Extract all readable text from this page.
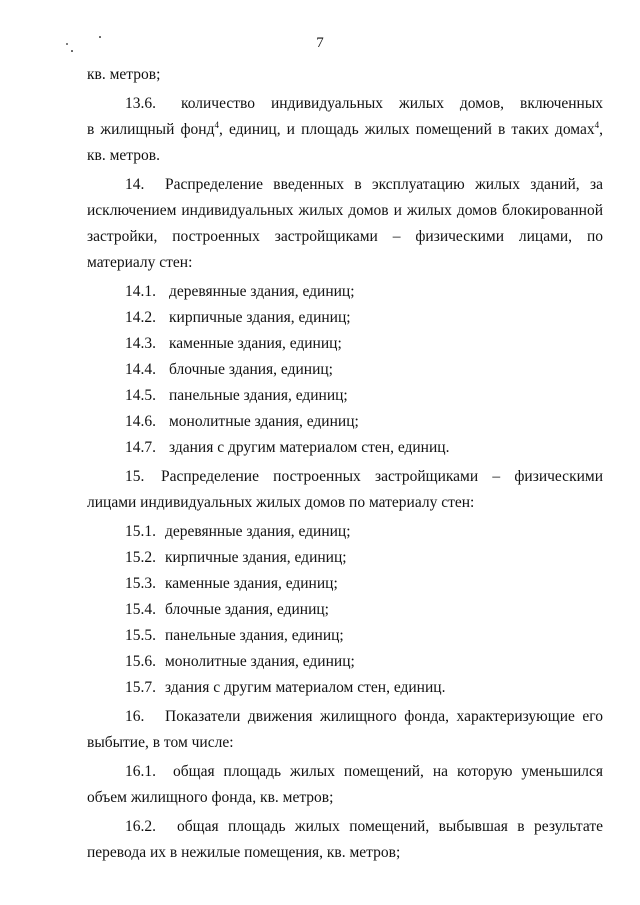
7
кв. метров;
13.6. количество индивидуальных жилых домов, включенных
в жилищный фонд$^4$, единиц, и площадь жилых помещений в таких домах$^4$,
кв. метров.
14. Распределение введенных в эксплуатацию жилых зданий, за исключением индивидуальных жилых домов и жилых домов блокированной застройки, построенных застройщиками – физическими лицами, по материалу стен:
14.1. деревянные здания, единиц;
14.2. кирпичные здания, единиц;
14.3. каменные здания, единиц;
14.4. блочные здания, единиц;
14.5. панельные здания, единиц;
14.6. монолитные здания, единиц;
14.7. здания с другим материалом стен, единиц.
15. Распределение построенных застройщиками – физическими лицами индивидуальных жилых домов по материалу стен:
15.1. деревянные здания, единиц;
15.2. кирпичные здания, единиц;
15.3. каменные здания, единиц;
15.4. блочные здания, единиц;
15.5. панельные здания, единиц;
15.6. монолитные здания, единиц;
15.7. здания с другим материалом стен, единиц.
16. Показатели движения жилищного фонда, характеризующие его выбытие, в том числе:
16.1. общая площадь жилых помещений, на которую уменьшился объем жилищного фонда, кв. метров;
16.2. общая площадь жилых помещений, выбывшая в результате перевода их в нежилые помещения, кв. метров;
